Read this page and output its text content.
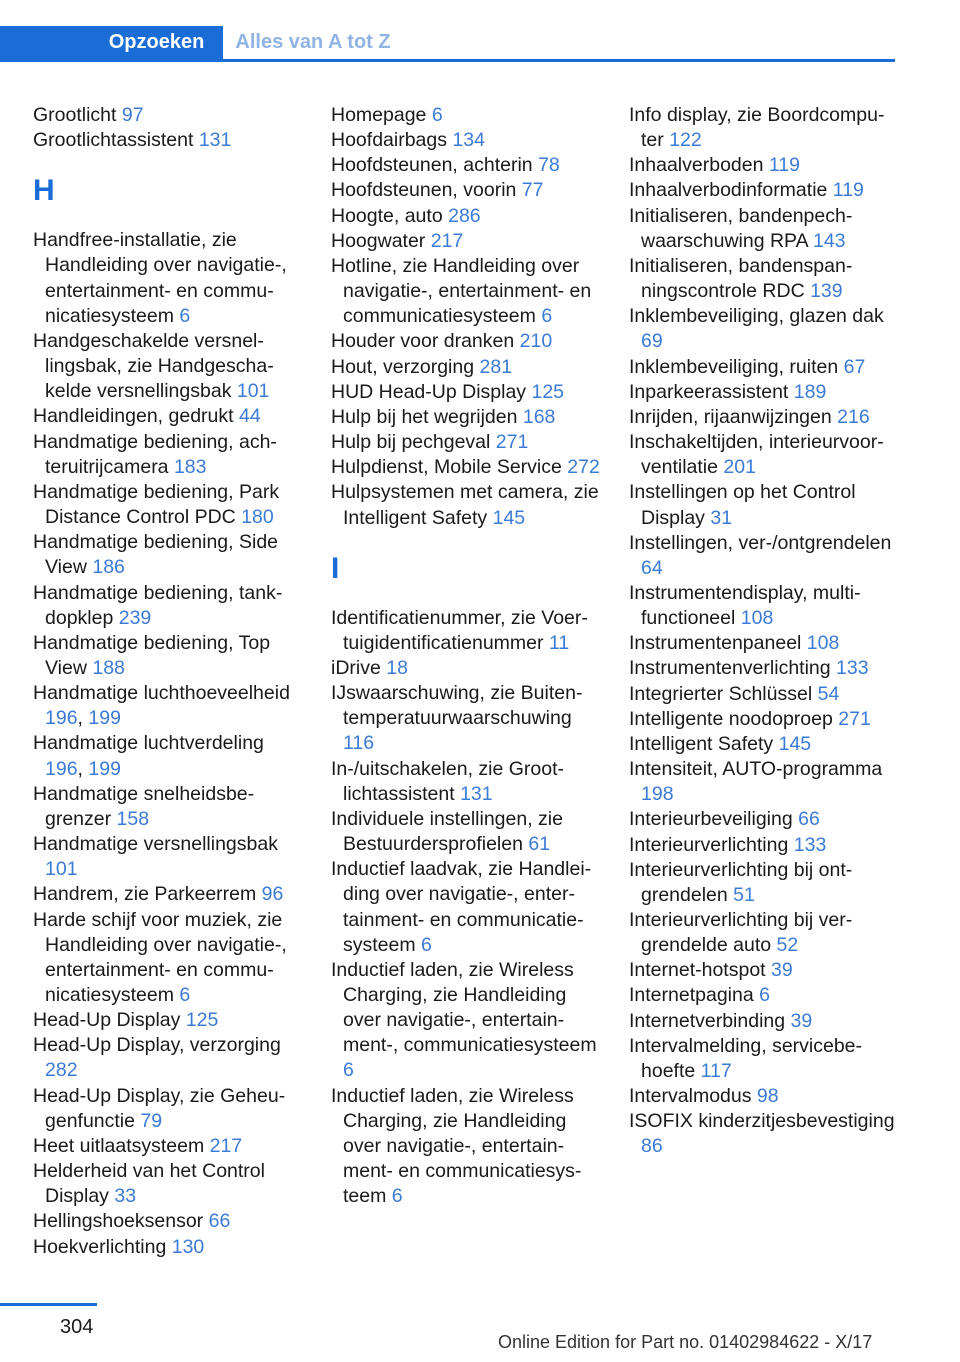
Opzoeken	Alles van A tot Z
Grootlicht 97
Grootlichtassistent 131
H
Handfree-installatie, zie Handleiding over navigatie-, entertainment- en communicatiesysteem 6
Handgeschakelde versnellingsbak, zie Handgeschakelde versnellingsbak 101
Handleidingen, gedrukt 44
Handmatige bediening, achteruitrijcamera 183
Handmatige bediening, Park Distance Control PDC 180
Handmatige bediening, Side View 186
Handmatige bediening, tankdopklep 239
Handmatige bediening, Top View 188
Handmatige luchthoeveelheid 196, 199
Handmatige luchtverdeling 196, 199
Handmatige snelheidsbegrenzer 158
Handmatige versnellingsbak 101
Handrem, zie Parkeerrem 96
Harde schijf voor muziek, zie Handleiding over navigatie-, entertainment- en communicatiesysteem 6
Head-Up Display 125
Head-Up Display, verzorging 282
Head-Up Display, zie Geheugenfunctie 79
Heet uitlaatsysteem 217
Helderheid van het Control Display 33
Hellingshoeksensor 66
Hoekverlichting 130
Homepage 6
Hoofdairbags 134
Hoofdsteunen, achterin 78
Hoofdsteunen, voorin 77
Hoogte, auto 286
Hoogwater 217
Hotline, zie Handleiding over navigatie-, entertainment- en communicatiesysteem 6
Houder voor dranken 210
Hout, verzorging 281
HUD Head-Up Display 125
Hulp bij het wegrijden 168
Hulp bij pechgeval 271
Hulpdienst, Mobile Service 272
Hulpsystemen met camera, zie Intelligent Safety 145
I
Identificatienummer, zie Voertuigidentificatienummer 11
iDrive 18
IJswaarschuwing, zie Buitentemperatuurwaarschuwing 116
In-/uitschakelen, zie Grootlichtassistent 131
Individuele instellingen, zie Bestuurdersprofielen 61
Inductief laadvak, zie Handleiding over navigatie-, entertainment- en communicatiesysteem 6
Inductief laden, zie Wireless Charging, zie Handleiding over navigatie-, entertainment-, communicatiesysteem 6
Inductief laden, zie Wireless Charging, zie Handleiding over navigatie-, entertainment- en communicatiesysteem 6
Info display, zie Boordcomputer 122
Inhaalverboden 119
Inhaalverbodinformatie 119
Initialiseren, bandenpechwaarschuwing RPA 143
Initialiseren, bandenspanningscontrole RDC 139
Inklembeveiliging, glazen dak 69
Inklembeveiliging, ruiten 67
Inparkeerassistent 189
Inrijden, rijaanwijzingen 216
Inschakeltijden, interieurvoorventilatie 201
Instellingen op het Control Display 31
Instellingen, ver-/ontgrendelen 64
Instrumentendisplay, multifunctioneel 108
Instrumentenpaneel 108
Instrumentenverlichting 133
Integrierter Schlüssel 54
Intelligente noodoproep 271
Intelligent Safety 145
Intensiteit, AUTO-programma 198
Interieurbeveiliging 66
Interieurverlichting 133
Interieurverlichting bij ontgrendelen 51
Interieurverlichting bij vergrendelde auto 52
Internet-hotspot 39
Internetpagina 6
Internetverbinding 39
Intervalmelding, servicebehoefte 117
Intervalmodus 98
ISOFIX kinderzitjesbevestiging 86
304
Online Edition for Part no. 01402984622 - X/17
